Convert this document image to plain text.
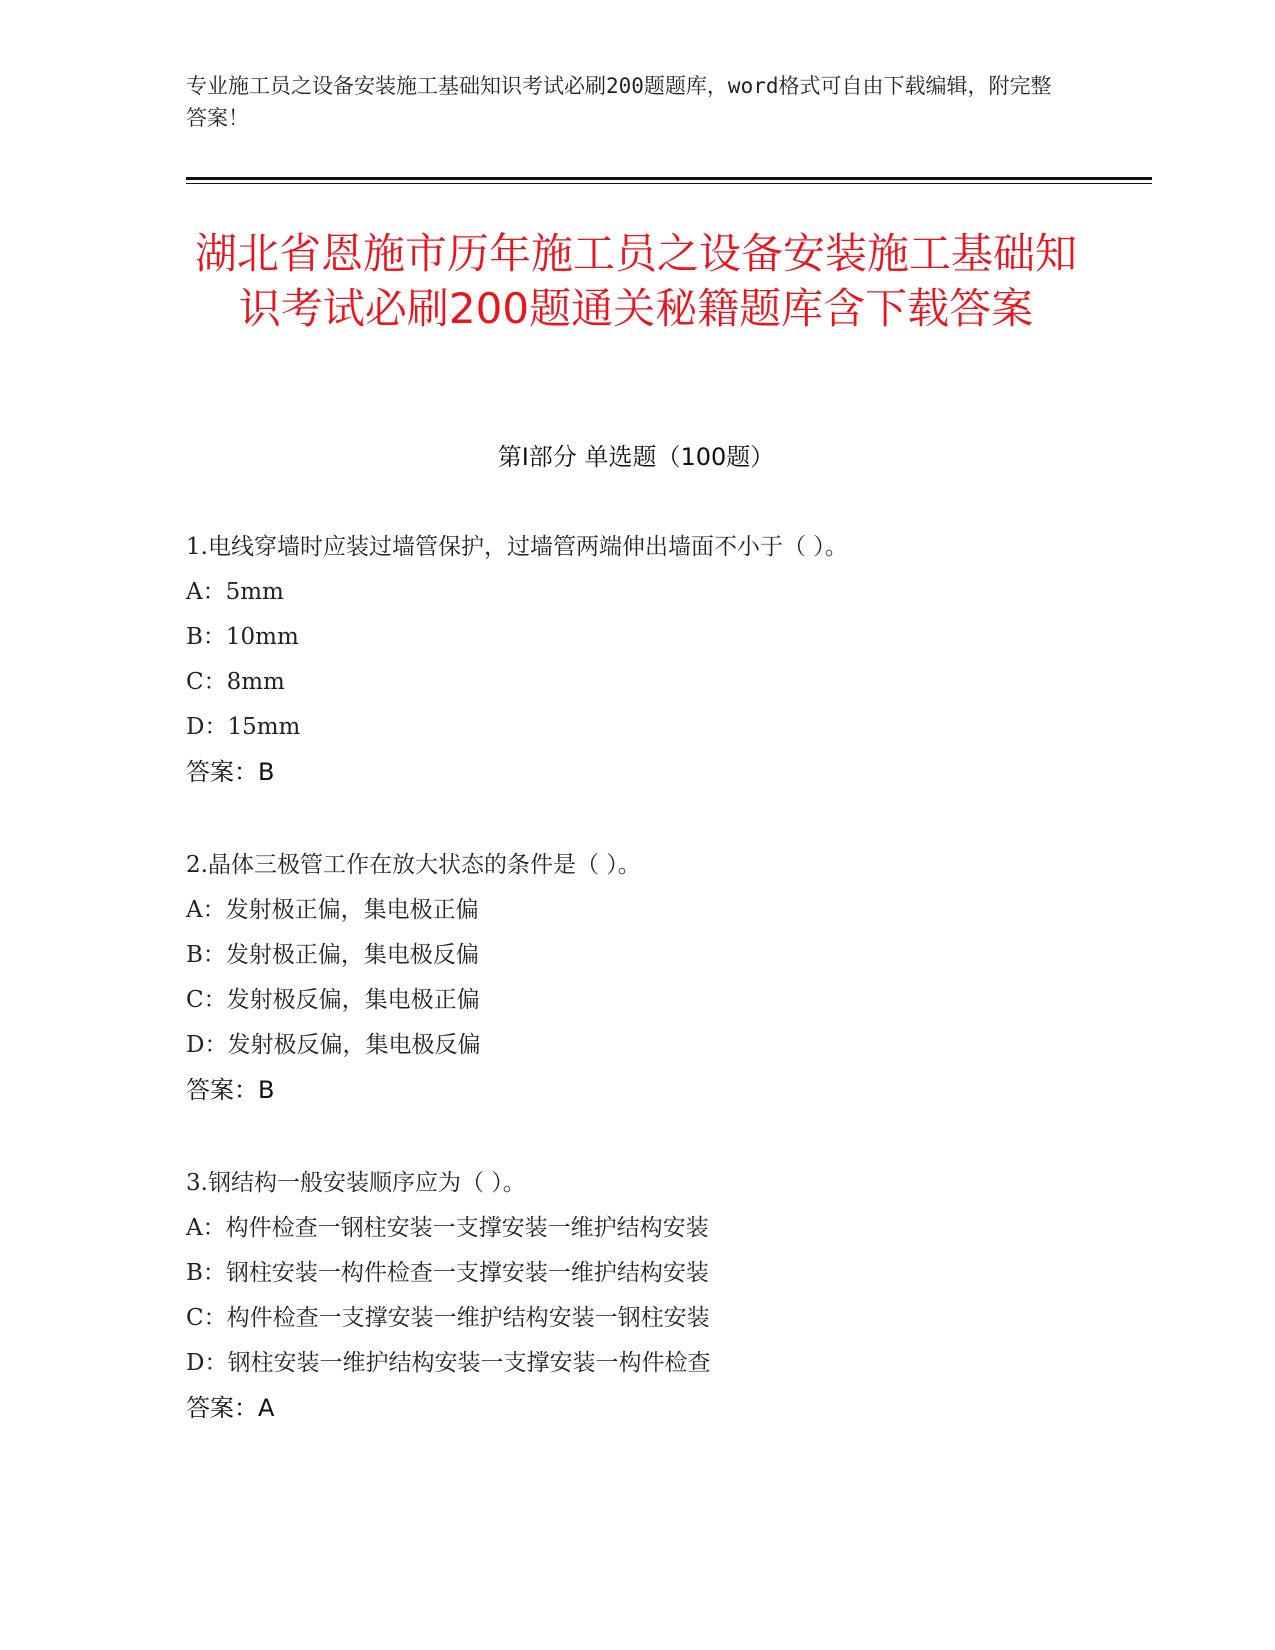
专业施工员之设备安装施工基础知识考试必刷200题题库，word格式可自由下载编辑，附完整答案！
湖北省恩施市历年施工员之设备安装施工基础知识考试必刷200题通关秘籍题库含下载答案
第Ⅰ部分 单选题（100题）
1.电线穿墙时应装过墙管保护，过墙管两端伸出墙面不小于（ ）。
A：5mm
B：10mm
C：8mm
D：15mm
答案：B
2.晶体三极管工作在放大状态的条件是（ ）。
A：发射极正偏，集电极正偏
B：发射极正偏，集电极反偏
C：发射极反偏，集电极正偏
D：发射极反偏，集电极反偏
答案：B
3.钢结构一般安装顺序应为（ ）。
A：构件检查一钢柱安装一支撑安装一维护结构安装
B：钢柱安装一构件检查一支撑安装一维护结构安装
C：构件检查一支撑安装一维护结构安装一钢柱安装
D：钢柱安装一维护结构安装一支撑安装一构件检查
答案：A
